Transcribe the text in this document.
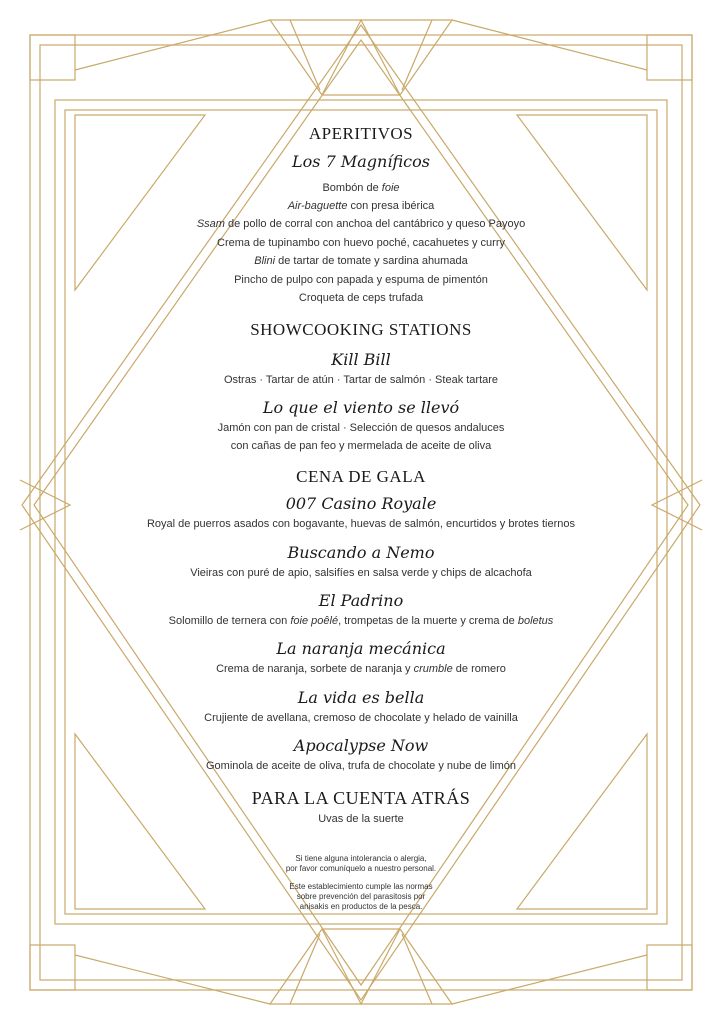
APERITIVOS
Los 7 Magníficos
Bombón de foie
Air-baguette con presa ibérica
Ssam de pollo de corral con anchoa del cantábrico y queso Payoyo
Crema de tupinambo con huevo poché, cacahuetes y curry
Blini de tartar de tomate y sardina ahumada
Pincho de pulpo con papada y espuma de pimentón
Croqueta de ceps trufada
SHOWCOOKING STATIONS
Kill Bill
Ostras · Tartar de atún · Tartar de salmón · Steak tartare
Lo que el viento se llevó
Jamón con pan de cristal · Selección de quesos andaluces
con cañas de pan feo y mermelada de aceite de oliva
CENA DE GALA
007 Casino Royale
Royal de puerros asados con bogavante, huevas de salmón, encurtidos y brotes tiernos
Buscando a Nemo
Vieiras con puré de apio, salsifíes en salsa verde y chips de alcachofa
El Padrino
Solomillo de ternera con foie poêlé, trompetas de la muerte y crema de boletus
La naranja mecánica
Crema de naranja, sorbete de naranja y crumble de romero
La vida es bella
Crujiente de avellana, cremoso de chocolate y helado de vainilla
Apocalypse Now
Gominola de aceite de oliva, trufa de chocolate y nube de limón
PARA LA CUENTA ATRÁS
Uvas de la suerte
Si tiene alguna intolerancia o alergia,
por favor comuníquelo a nuestro personal.
Este establecimiento cumple las normas
sobre prevención del parasitosis por
anisakis en productos de la pesca.
